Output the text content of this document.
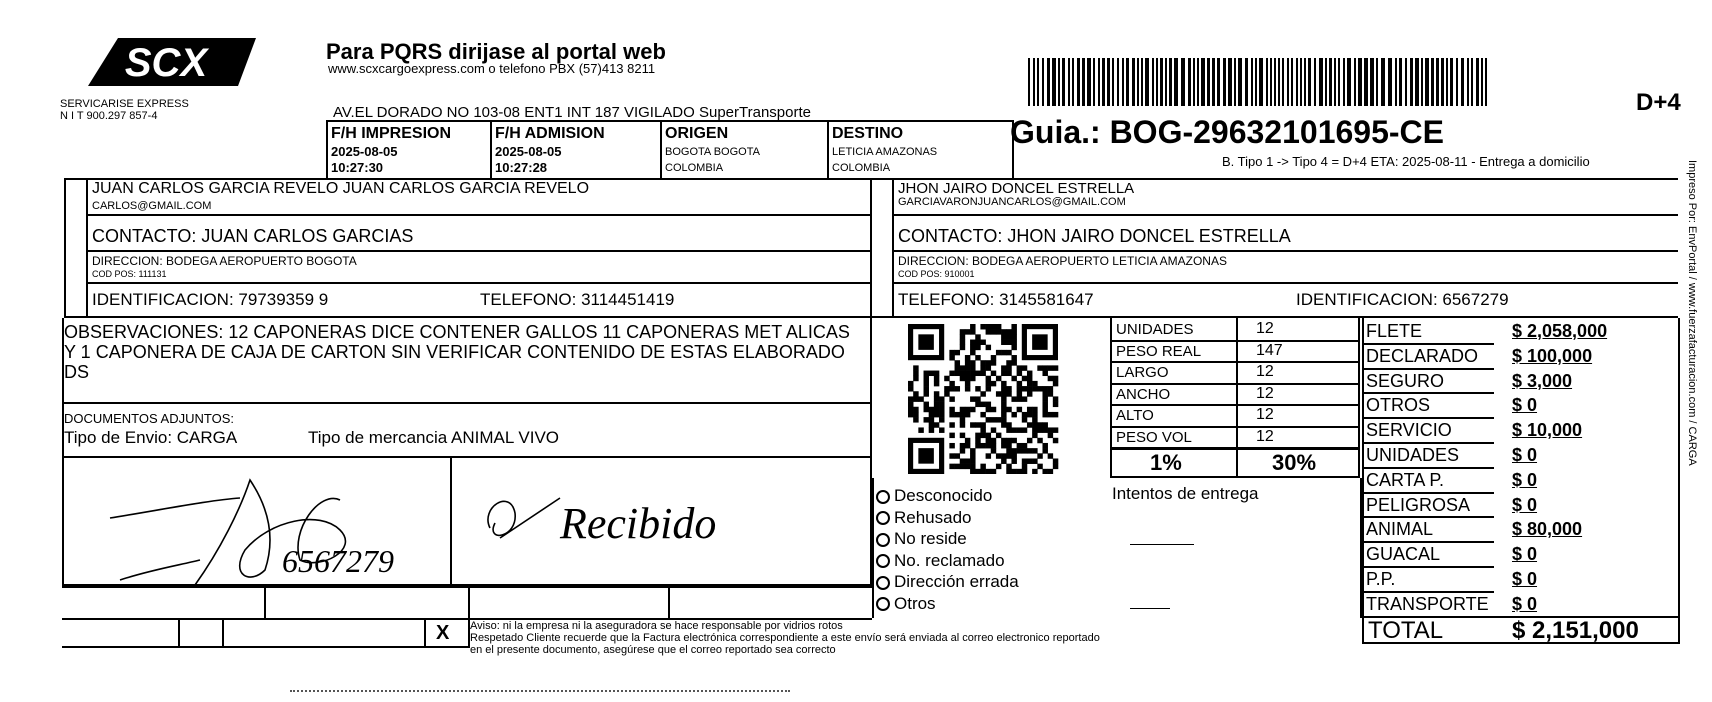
SCX
SERVICARISE EXPRESS
N I T 900.297 857-4
Para PQRS dirijase al portal web
www.scxcargoexpress.com o telefono PBX (57)413 8211
AV.EL DORADO NO 103-08 ENT1 INT 187 VIGILADO SuperTransporte	D+4
Guia.: BOG-29632101695-CE
B. Tipo 1 -> Tipo 4 = D+4 ETA: 2025-08-11 - Entrega a domicilio
F/H IMPRESION
2025-08-05
10:27:30
F/H ADMISION
2025-08-05
10:27:28
ORIGEN
BOGOTA BOGOTA
COLOMBIA
DESTINO
LETICIA AMAZONAS
COLOMBIA
JUAN CARLOS GARCIA REVELO JUAN CARLOS GARCIA REVELO
CARLOS@GMAIL.COM
CONTACTO: JUAN CARLOS GARCIAS
DIRECCION: BODEGA AEROPUERTO BOGOTA
COD POS: 111131
IDENTIFICACION: 79739359 9	TELEFONO: 3114451419
JHON JAIRO DONCEL ESTRELLA
GARCIAVARONJUANCARLOS@GMAIL.COM
CONTACTO: JHON JAIRO DONCEL ESTRELLA
DIRECCION: BODEGA AEROPUERTO LETICIA AMAZONAS
COD POS: 910001
TELEFONO: 3145581647	IDENTIFICACION: 6567279
OBSERVACIONES: 12 CAPONERAS DICE CONTENER GALLOS 11 CAPONERAS MET ALICAS Y 1 CAPONERA DE CAJA DE CARTON SIN VERIFICAR CONTENIDO DE ESTAS ELABORADO DS
DOCUMENTOS ADJUNTOS:
Tipo de Envio: CARGA	Tipo de mercancia ANIMAL VIVO
X
6567279
Recibido
UNIDADES	12
PESO REAL	147
LARGO	12
ANCHO	12
ALTO	12
PESO VOL	12
1%	30%
Intentos de entrega
Desconocido
Rehusado
No reside
No. reclamado
Dirección errada
Otros
FLETE	$ 2,058,000
DECLARADO $ 100,000
SEGURO	$ 3,000
OTROS	$ 0
SERVICIO	$ 10,000
UNIDADES	$ 0
CARTA P.	$ 0
PELIGROSA $ 0
ANIMAL	$ 80,000
GUACAL	$ 0
P.P.	$ 0
TRANSPORTE $ 0
TOTAL	$ 2,151,000
Aviso: ni la empresa ni la aseguradora se hace responsable por vidrios rotos
Respetado Cliente recuerde que la Factura electrónica correspondiente a este envío será enviada al correo electronico reportado
en el presente documento, asegúrese que el correo reportado sea correcto
Impreso Por: EnvPortal / www.fuerzafacturacion.com / CARGA
